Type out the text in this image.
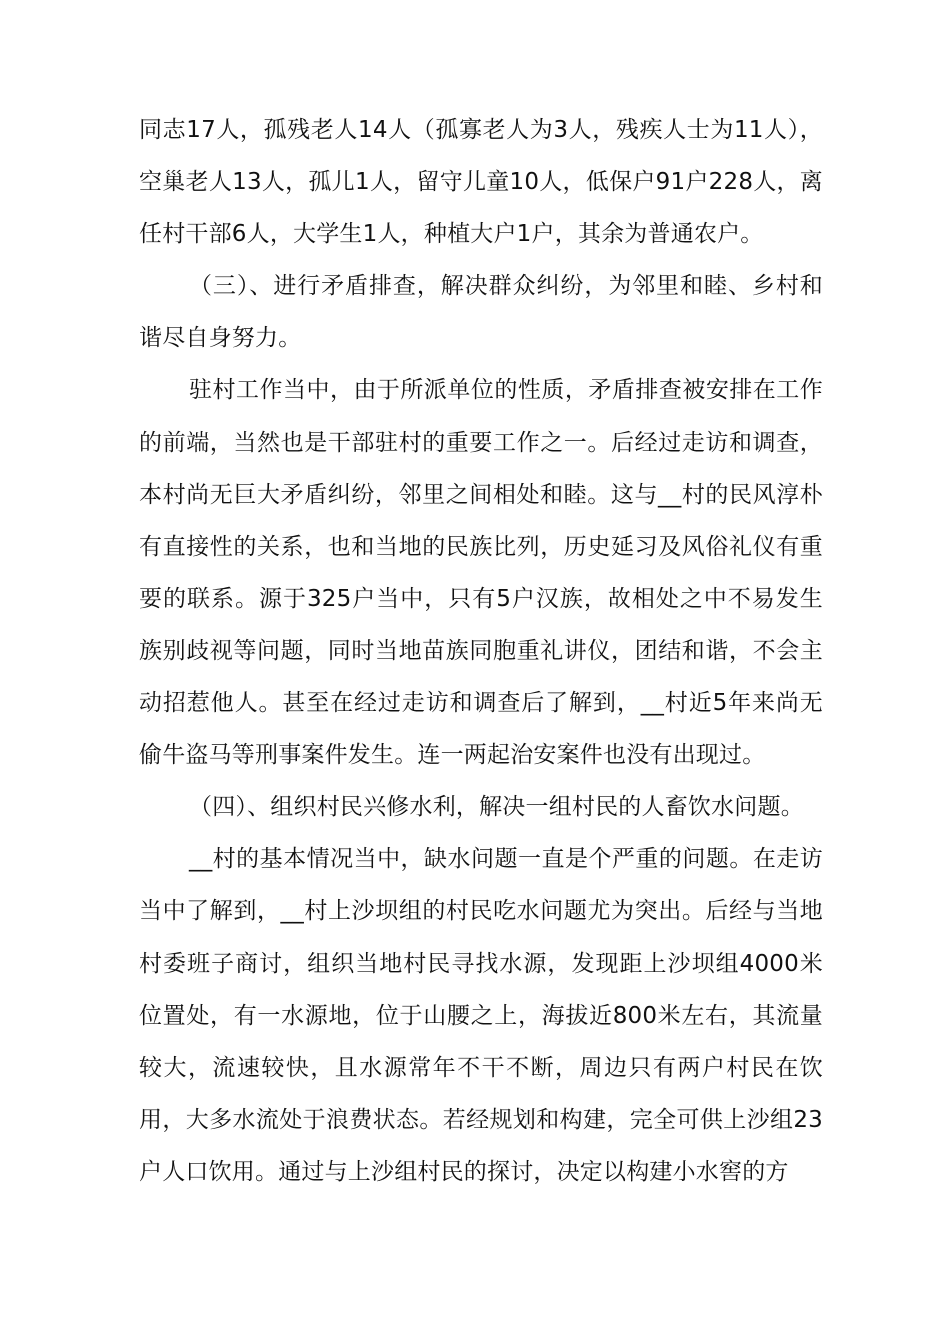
同志17人，孤残老人14人（孤寡老人为3人，残疾人士为11人），空巢老人13人，孤儿1人，留守儿童10人，低保户91户228人，离任村干部6人，大学生1人，种植大户1户，其余为普通农户。

（三）、进行矛盾排查，解决群众纠纷，为邻里和睦、乡村和谐尽自身努力。

驻村工作当中，由于所派单位的性质，矛盾排查被安排在工作的前端，当然也是干部驻村的重要工作之一。后经过走访和调查，本村尚无巨大矛盾纠纷，邻里之间相处和睦。这与__村的民风淳朴有直接性的关系，也和当地的民族比列，历史延习及风俗礼仪有重要的联系。源于325户当中，只有5户汉族，故相处之中不易发生族别歧视等问题，同时当地苗族同胞重礼讲仪，团结和谐，不会主动招惹他人。甚至在经过走访和调查后了解到，__村近5年来尚无偷牛盗马等刑事案件发生。连一两起治安案件也没有出现过。

（四）、组织村民兴修水利，解决一组村民的人畜饮水问题。

__村的基本情况当中，缺水问题一直是个严重的问题。在走访当中了解到，__村上沙坝组的村民吃水问题尤为突出。后经与当地村委班子商讨，组织当地村民寻找水源，发现距上沙坝组4000米位置处，有一水源地，位于山腰之上，海拔近800米左右，其流量较大，流速较快，且水源常年不干不断，周边只有两户村民在饮用，大多水流处于浪费状态。若经规划和构建，完全可供上沙组23户人口饮用。通过与上沙组村民的探讨，决定以构建小水窖的方
